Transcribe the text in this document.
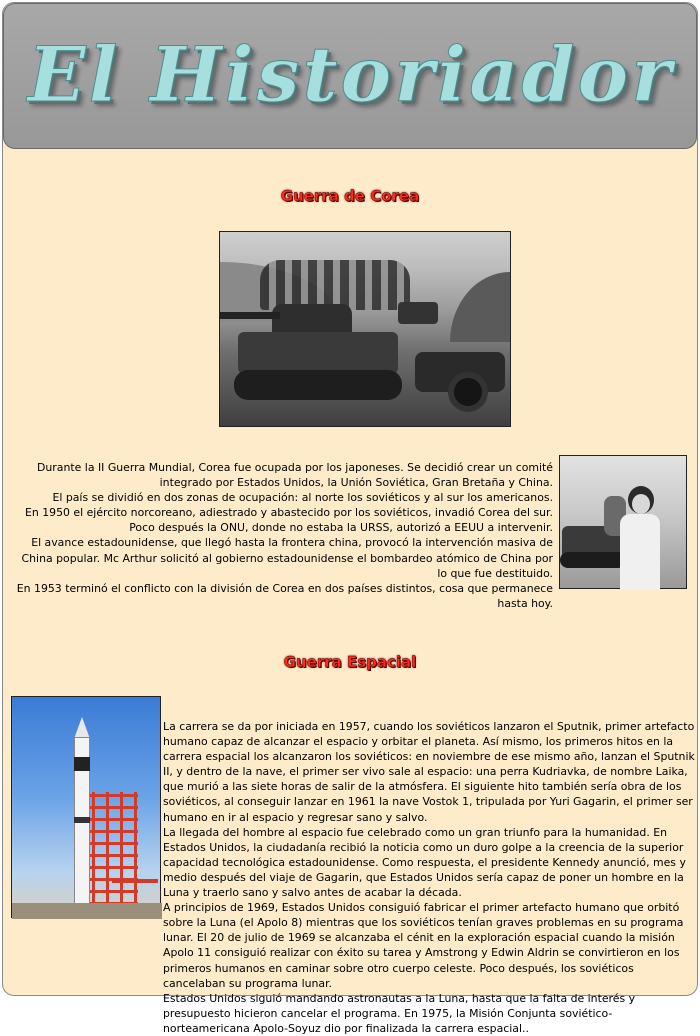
El Historiador
Guerra de Corea

Durante la II Guerra Mundial, Corea fue ocupada por los japoneses. Se decidió crear un comité integrado por Estados Unidos, la Unión Soviética, Gran Bretaña y China.

El país se dividió en dos zonas de ocupación: al norte los soviéticos y al sur los americanos.

En 1950 el ejército norcoreano, adiestrado y abastecido por los soviéticos, invadió Corea del sur. Poco después la ONU, donde no estaba la URSS, autorizó a EEUU a intervenir.

El avance estadounidense, que llegó hasta la frontera china, provocó la intervención masiva de China popular. Mc Arthur solicitó al gobierno estadounidense el bombardeo atómico de China por lo que fue destituido.

En 1953 terminó el conflicto con la división de Corea en dos países distintos, cosa que permanece hasta hoy.

Guerra Espacial

La carrera se da por iniciada en 1957, cuando los soviéticos lanzaron el Sputnik, primer artefacto humano capaz de alcanzar el espacio y orbitar el planeta. Así mismo, los primeros hitos en la carrera espacial los alcanzaron los soviéticos: en noviembre de ese mismo año, lanzan el Sputnik II, y dentro de la nave, el primer ser vivo sale al espacio: una perra Kudriavka, de nombre Laika, que murió a las siete horas de salir de la atmósfera. El siguiente hito también sería obra de los soviéticos, al conseguir lanzar en 1961 la nave Vostok 1, tripulada por Yuri Gagarin, el primer ser humano en ir al espacio y regresar sano y salvo.

La llegada del hombre al espacio fue celebrado como un gran triunfo para la humanidad. En Estados Unidos, la ciudadanía recibió la noticia como un duro golpe a la creencia de la superior capacidad tecnológica estadounidense. Como respuesta, el presidente Kennedy anunció, mes y medio después del viaje de Gagarin, que Estados Unidos sería capaz de poner un hombre en la Luna y traerlo sano y salvo antes de acabar la década.

A principios de 1969, Estados Unidos consiguió fabricar el primer artefacto humano que orbitó sobre la Luna (el Apolo 8) mientras que los soviéticos tenían graves problemas en su programa lunar. El 20 de julio de 1969 se alcanzaba el cénit en la exploración espacial cuando la misión Apolo 11 consiguió realizar con éxito su tarea y Amstrong y Edwin Aldrin se convirtieron en los primeros humanos en caminar sobre otro cuerpo celeste. Poco después, los soviéticos cancelaban su programa lunar.

Estados Unidos siguió mandando astronautas a la Luna, hasta que la falta de interés y presupuesto hicieron cancelar el programa. En 1975, la Misión Conjunta soviético-norteamericana Apolo-Soyuz dio por finalizada la carrera espacial..
